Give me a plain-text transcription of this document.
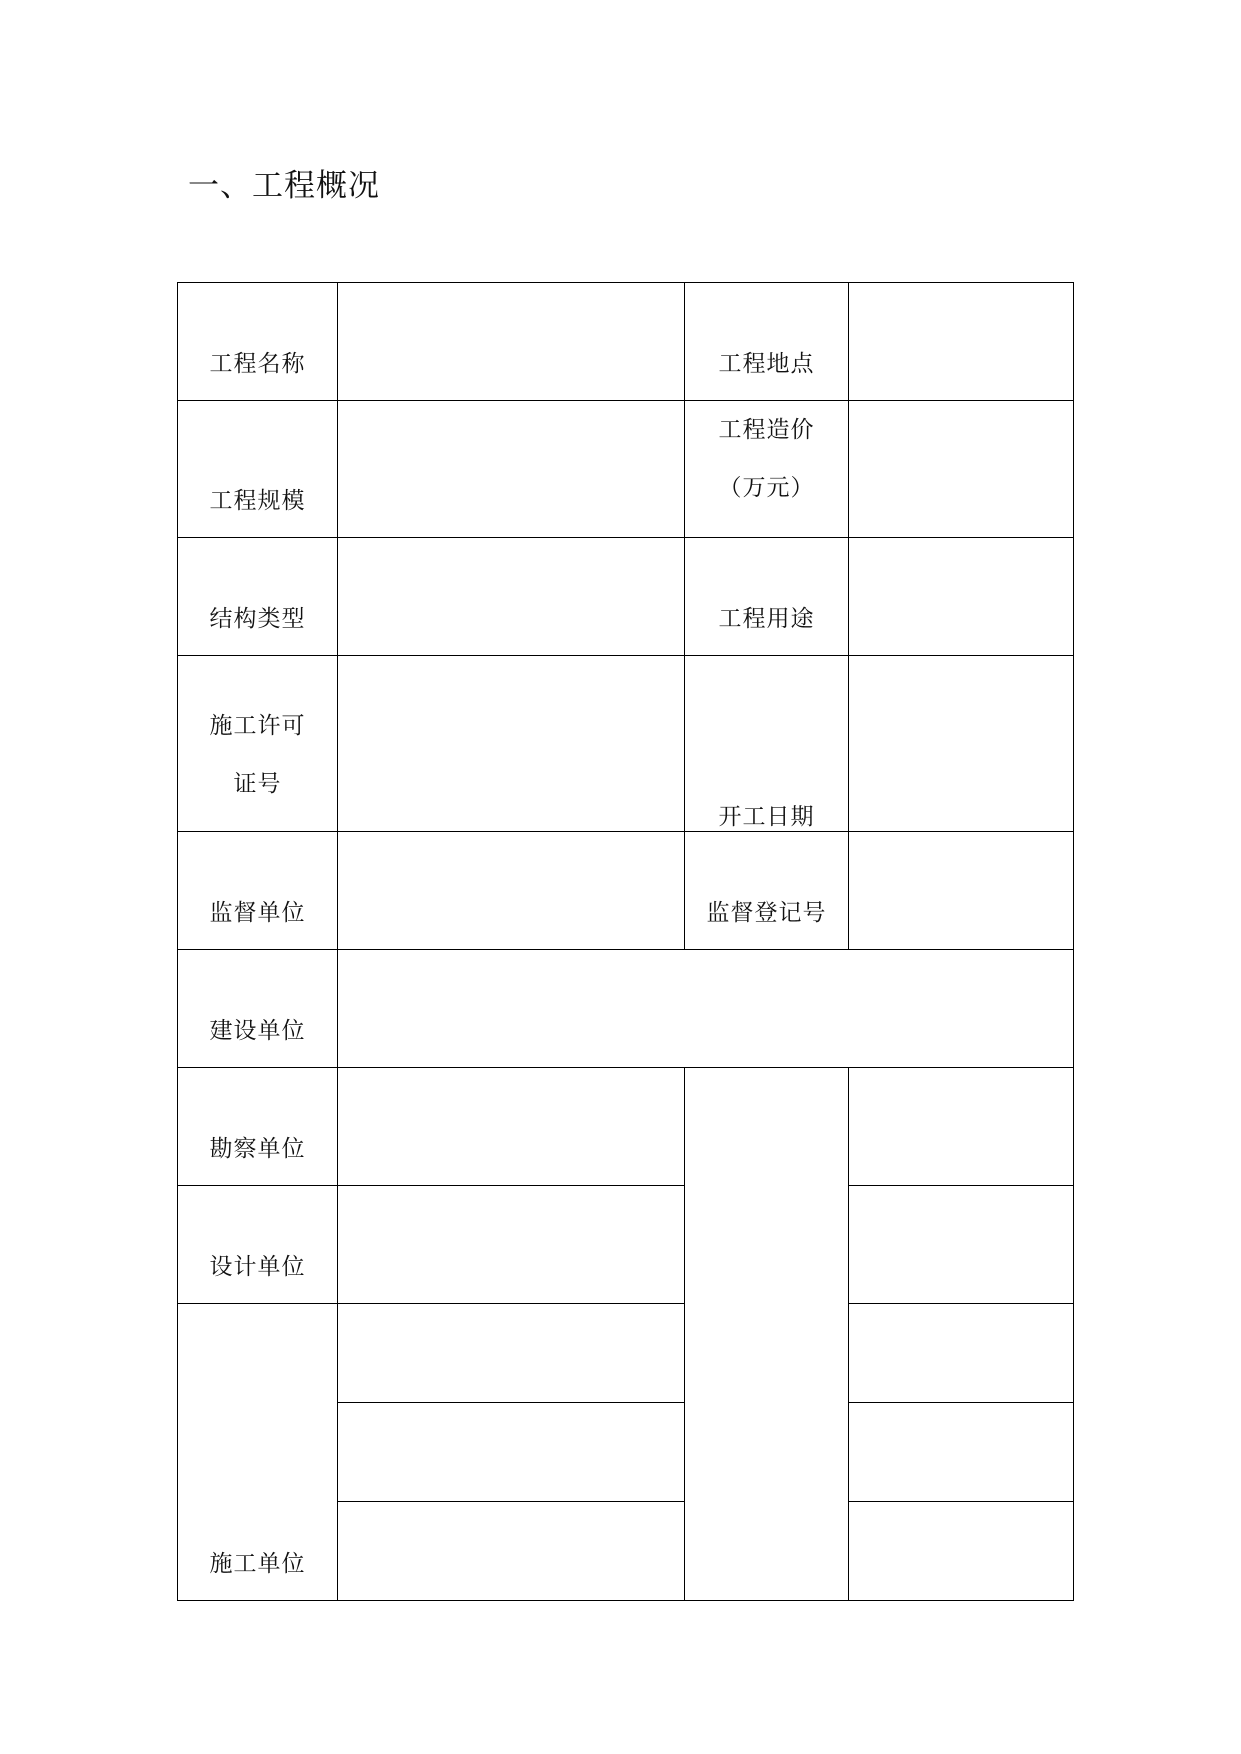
一、工程概况
工程名称		工程地点	

工程规模		工程造价
（万元）	

结构类型		工程用途	

施工许可
证号		开工日期	

监督单位		监督登记号	

建设单位			

勘察单位			

设计单位			

施工单位			
